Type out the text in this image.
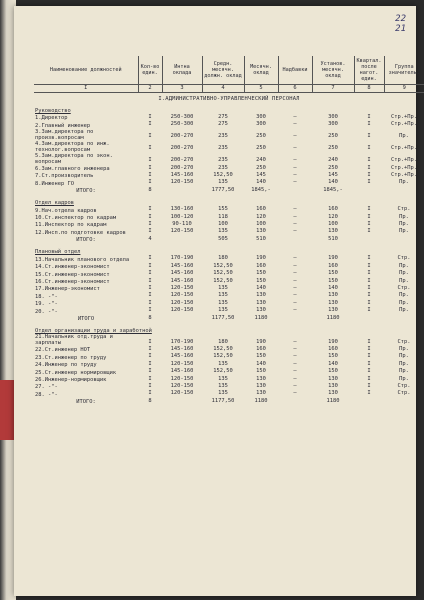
22
21
Наименование должностей	Кол-во един.	Интна оклада	Средн. месячн. должн. оклад	Месячн. оклад	Надбавки	Установ. месячн. оклад	Квартал. после нагот. един.	Группа значитель.
I	2	3	4	5	6	7	8	9
I.АДМИНИСТРАТИВНО-УПРАВЛЕНЧЕСКИЙ ПЕРСОНАЛ								
Руководство								
1.Директор	I	250-300	275	300	–	300	I	Стр.+Пр.
2.Главный инженер	I	250-300	275	300	–	300	I	Стр.+Пр.
3.Зам.директора по произв.вопросам	I	200-270	235	250	–	250	I	Пр.
4.Зам.директора по инж. технолог.вопросам	I	200-270	235	250	–	250	I	Стр.+Пр.
5.Зам.директора по экон. вопросам	I	200-270	235	240	–	240	I	Стр.+Пр.
6.Зам.главного инженера	I	200-270	235	250	–	250	I	Стр.+Пр.
7.Ст.производитель	I	145-160	152,50	145	–	145	I	Стр.+Пр.
8.Инженер ГО	I	120-150	135	140	–	140	I	Пр.
ИТОГО:	8		1777,50	1845,-		1845,-		
Отдел кадров								
9.Нач.отдела кадров	I	130-160	155	160	–	160	I	Стр.
10.Ст.инспектор по кадрам	I	100-120	118	120	–	120	I	Пр.
11.Инспектор по кадрам	I	90-110	100	100	–	100	I	Пр.
12.Инсп.по подготовке кадров	I	120-150	135	130	–	130	I	Пр.
ИТОГО:	4		505	510		510		
Плановый отдел								
13.Начальник планового отдела	I	170-190	180	190	–	190	I	Стр.
14.Ст.инженер-экономист	I	145-160	152,50	160	–	160	I	Пр.
15.Ст.инженер-экономист	I	145-160	152,50	150	–	150	I	Пр.
16.Ст.инженер-экономист	I	145-160	152,50	150	–	150	I	Пр.
17.Инженер-экономист	I	120-150	135	140	–	140	I	Стр.
18. -"-	I	120-150	135	130	–	130	I	Пр.
19. -"-	I	120-150	135	130	–	130	I	Пр.
20. -"-	I	120-150	135	130	–	130	I	Пр.
ИТОГО	8		1177,50	1180		1180		
Отдел организации труда и заработной								
21.Начальник отд.труда и зарплаты	I	170-190	180	190	–	190	I	Стр.
22.Ст.инженер НОТ	I	145-160	152,50	160	–	160	I	Пр.
23.Ст.инженер по труду	I	145-160	152,50	150	–	150	I	Пр.
24.Инженер по труду	I	120-150	135	140	–	140	I	Пр.
25.Ст.инженер нормировщик	I	145-160	152,50	150	–	150	I	Пр.
26.Инженер-нормировщик	I	120-150	135	130	–	130	I	Пр.
27. -"-	I	120-150	135	130	–	130	I	Стр.
28. -"-	I	120-150	135	130	–	130	I	Стр.
ИТОГО:	8		1177,50	1180		1180		
